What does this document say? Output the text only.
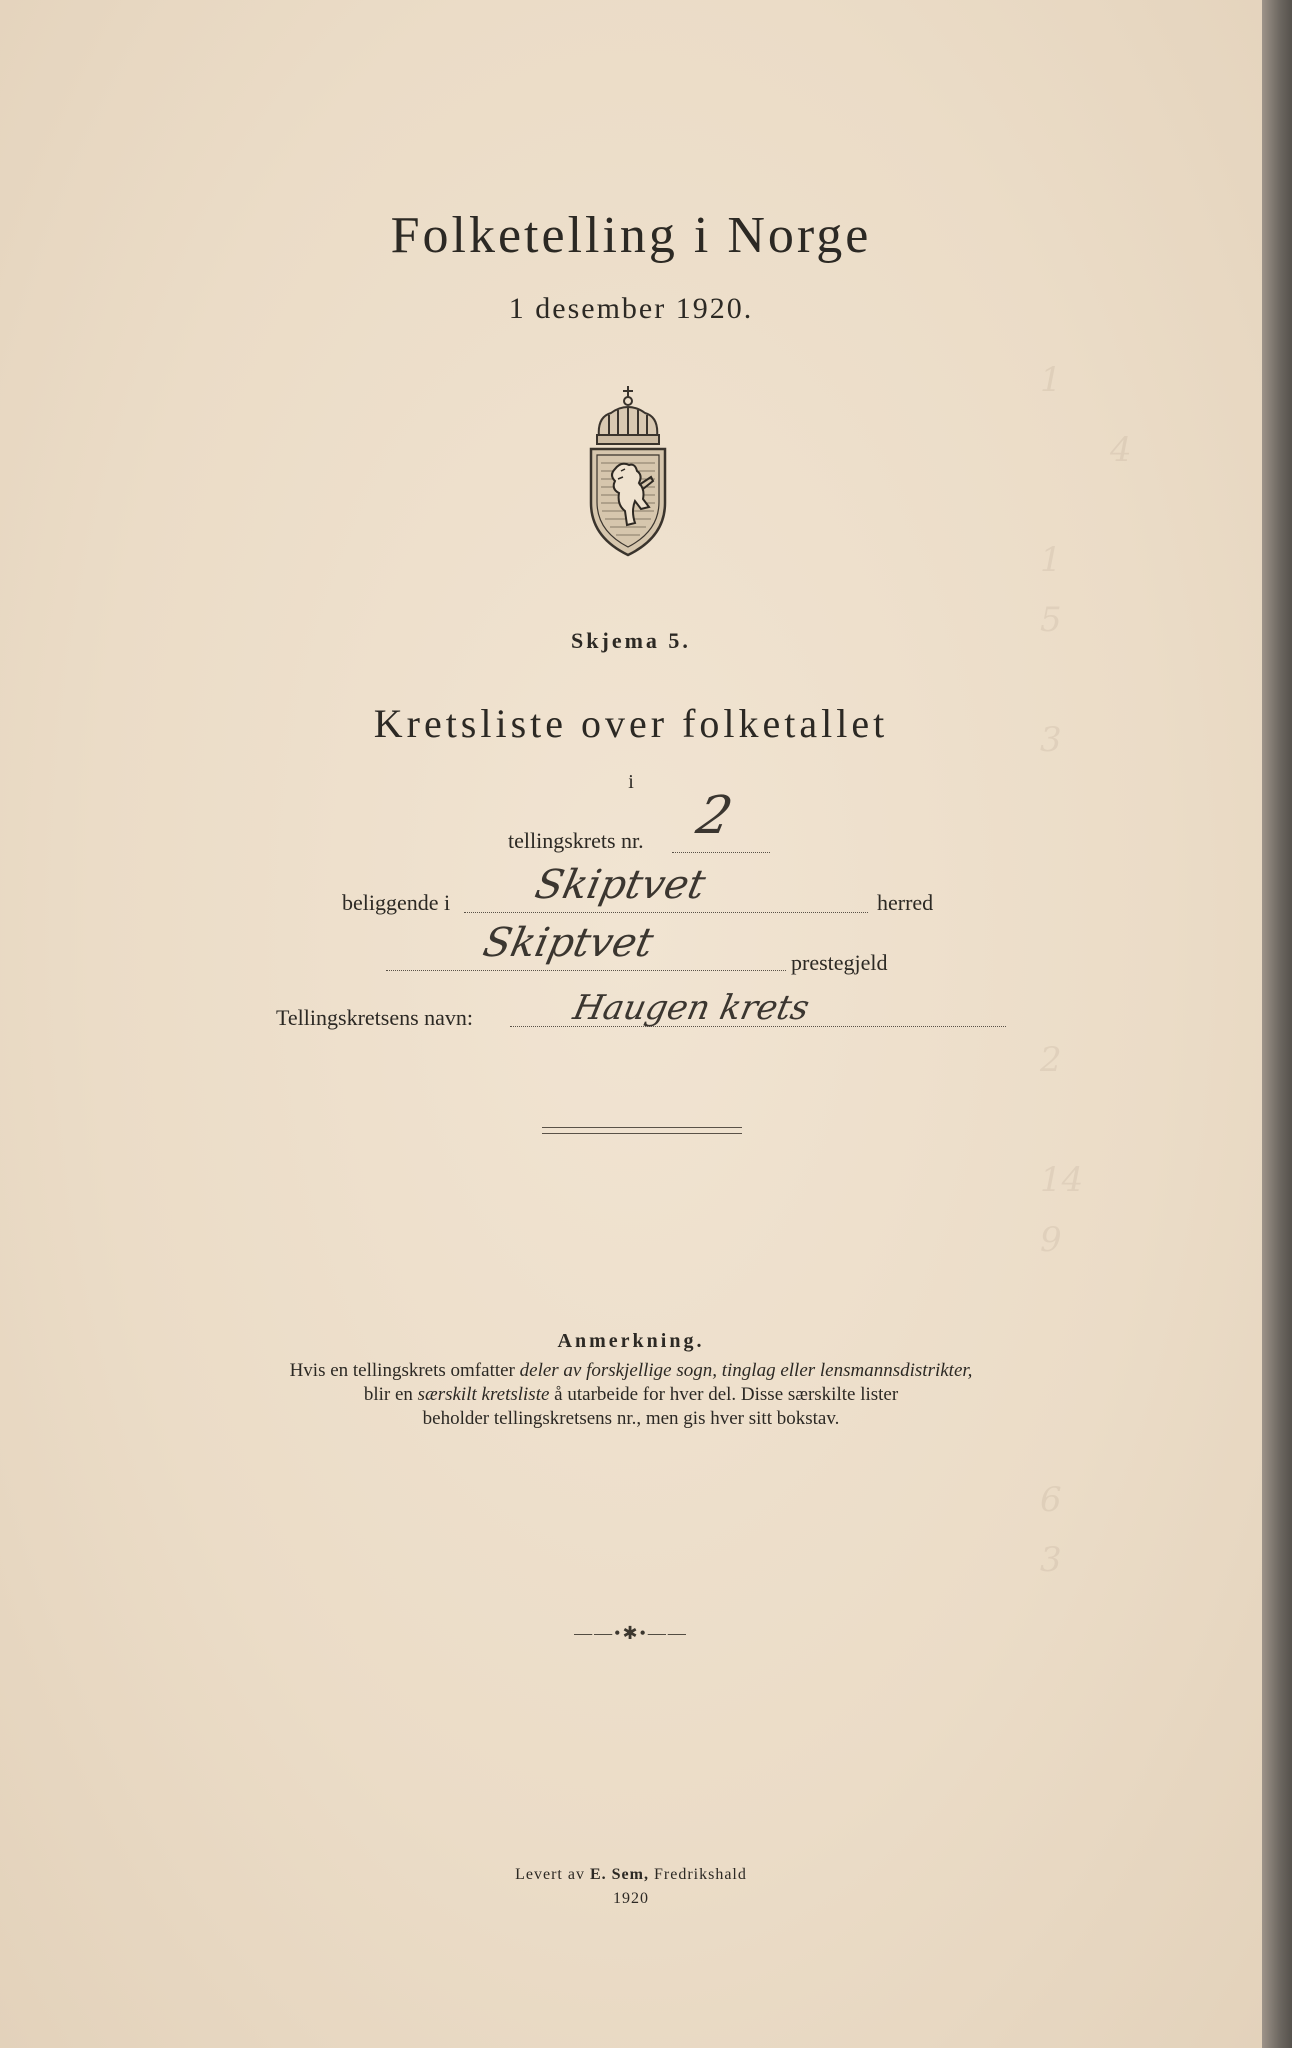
1
4
1
5
3
2
14
9
6
3
Folketelling i Norge
1 desember 1920.
Skjema 5.
Kretsliste over folketallet
i
tellingskrets nr. 2
beliggende i Skiptvet	herred
Skiptvet	prestegjeld
Tellingskretsens navn:	Haugen krets
Anmerkning.
Hvis en tellingskrets omfatter deler av forskjellige sogn, tinglag eller lensmannsdistrikter,
blir en særskilt kretsliste å utarbeide for hver del. Disse særskilte lister
beholder tellingskretsens nr., men gis hver sitt bokstav.
——•✱•——
Levert av E. Sem, Fredrikshald
1920
